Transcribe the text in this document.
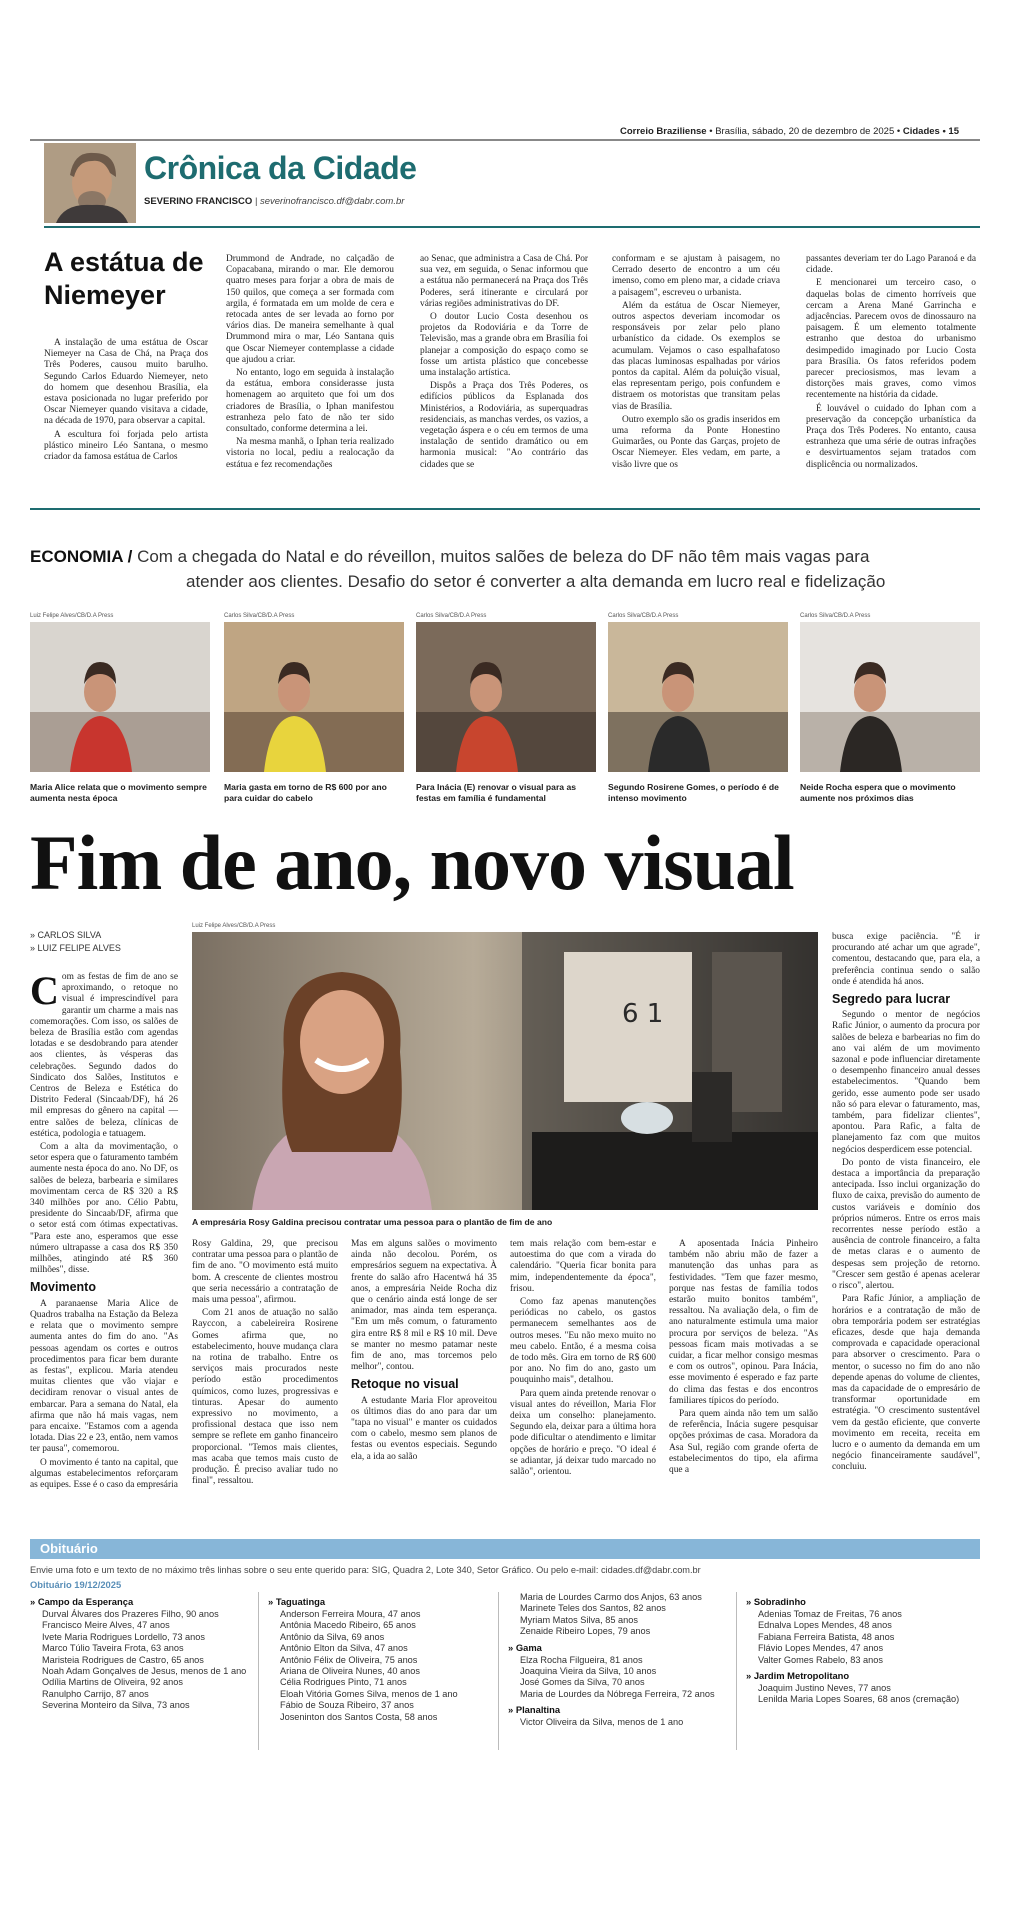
Correio Braziliense • Brasília, sábado, 20 de dezembro de 2025 • Cidades • 15
Crônica da Cidade
SEVERINO FRANCISCO | severinofrancisco.df@dabr.com.br
A estátua de
Niemeyer

A instalação de uma estátua de Oscar Niemeyer na Casa de Chá, na Praça dos Três Poderes, causou muito barulho. Segundo Carlos Eduardo Niemeyer, neto do homem que desenhou Brasília, ela estava posicionada no lugar preferido por Oscar Niemeyer quando visitava a cidade, na década de 1970, para observar a capital.

A escultura foi forjada pelo artista plástico mineiro Léo Santana, o mesmo criador da famosa estátua de Carlos

Drummond de Andrade, no calçadão de Copacabana, mirando o mar. Ele demorou quatro meses para forjar a obra de mais de 150 quilos, que começa a ser formada com argila, é formatada em um molde de cera e retocada antes de ser levada ao forno por vários dias. De maneira semelhante à qual Drummond mira o mar, Léo Santana quis que Oscar Niemeyer contemplasse a cidade que ajudou a criar.

No entanto, logo em seguida à instalação da estátua, embora considerasse justa homenagem ao arquiteto que foi um dos criadores de Brasília, o Iphan manifestou estranheza pelo fato de não ter sido consultado, conforme determina a lei.

Na mesma manhã, o Iphan teria realizado vistoria no local, pediu a realocação da estátua e fez recomendações

ao Senac, que administra a Casa de Chá. Por sua vez, em seguida, o Senac informou que a estátua não permanecerá na Praça dos Três Poderes, será itinerante e circulará por várias regiões administrativas do DF.

O doutor Lucio Costa desenhou os projetos da Rodoviária e da Torre de Televisão, mas a grande obra em Brasília foi planejar a composição do espaço como se fosse um artista plástico que concebesse uma instalação artística.

Dispôs a Praça dos Três Poderes, os edifícios públicos da Esplanada dos Ministérios, a Rodoviária, as superquadras residenciais, as manchas verdes, os vazios, a vegetação áspera e o céu em termos de uma instalação de sentido dramático ou em harmonia musical: "Ao contrário das cidades que se

conformam e se ajustam à paisagem, no Cerrado deserto de encontro a um céu imenso, como em pleno mar, a cidade criava a paisagem", escreveu o urbanista.

Além da estátua de Oscar Niemeyer, outros aspectos deveriam incomodar os responsáveis por zelar pelo plano urbanístico da cidade. Os exemplos se acumulam. Vejamos o caso espalhafatoso das placas luminosas espalhadas por vários pontos da capital. Além da poluição visual, elas representam perigo, pois confundem e distraem os motoristas que transitam pelas vias de Brasília.

Outro exemplo são os gradis inseridos em uma reforma da Ponte Honestino Guimarães, ou Ponte das Garças, projeto de Oscar Niemeyer. Eles vedam, em parte, a visão livre que os

passantes deveriam ter do Lago Paranoá e da cidade.

E mencionarei um terceiro caso, o daquelas bolas de cimento horríveis que cercam a Arena Mané Garrincha e adjacências. Parecem ovos de dinossauro na paisagem. É um elemento totalmente estranho que destoa do urbanismo desimpedido imaginado por Lucio Costa para Brasília. Os fatos referidos podem parecer preciosismos, mas levam a distorções mais graves, como vimos recentemente na história da cidade.

É louvável o cuidado do Iphan com a preservação da concepção urbanística da Praça dos Três Poderes. No entanto, causa estranheza que uma série de outras infrações e desvirtuamentos sejam tratados com displicência ou normalizados.

ECONOMIA / Com a chegada do Natal e do réveillon, muitos salões de beleza do DF não têm mais vagas para
atender aos clientes. Desafio do setor é converter a alta demanda em lucro real e fidelização
Luiz Felipe Alves/CB/D.A Press
Maria Alice relata que o movimento sempre aumenta nesta época
Carlos Silva/CB/D.A Press
Maria gasta em torno de R$ 600 por ano para cuidar do cabelo
Carlos Silva/CB/D.A Press
Para Inácia (E) renovar o visual para as festas em família é fundamental
Carlos Silva/CB/D.A Press
Segundo Rosirene Gomes, o período é de intenso movimento
Carlos Silva/CB/D.A Press
Neide Rocha espera que o movimento aumente nos próximos dias
Fim de ano, novo visual
» CARLOS SILVA
» LUIZ FELIPE ALVES
Luiz Felipe Alves/CB/D.A Press
6 1
A empresária Rosy Galdina precisou contratar uma pessoa para o plantão de fim de ano

Com as festas de fim de ano se aproximando, o retoque no visual é imprescindível para garantir um charme a mais nas comemorações. Com isso, os salões de beleza de Brasília estão com agendas lotadas e se desdobrando para atender aos clientes, às vésperas das celebrações. Segundo dados do Sindicato dos Salões, Institutos e Centros de Beleza e Estética do Distrito Federal (Sincaab/DF), há 26 mil empresas do gênero na capital — entre salões de beleza, clínicas de estética, podologia e tatuagem.

Com a alta da movimentação, o setor espera que o faturamento também aumente nesta época do ano. No DF, os salões de beleza, barbearia e similares movimentam cerca de R$ 320 a R$ 340 milhões por ano. Célio Pabtu, presidente do Sincaab/DF, afirma que o setor está com ótimas expectativas. "Para este ano, esperamos que esse número ultrapasse a casa dos R$ 350 milhões, atingindo até R$ 360 milhões", disse.

Movimento

A paranaense Maria Alice de Quadros trabalha na Estação da Beleza e relata que o movimento sempre aumenta antes do fim do ano. "As pessoas agendam os cortes e outros procedimentos para ficar bem durante as festas", explicou. Maria atendeu muitas clientes que vão viajar e decidiram renovar o visual antes de embarcar. Para a semana do Natal, ela afirma que não há mais vagas, nem para encaixe. "Estamos com a agenda lotada. Dias 22 e 23, então, nem vamos ter pausa", comemorou.

O movimento é tanto na capital, que algumas estabelecimentos reforçaram as equipes. Esse é o caso da empresária

Rosy Galdina, 29, que precisou contratar uma pessoa para o plantão de fim de ano. "O movimento está muito bom. A crescente de clientes mostrou que seria necessário a contratação de mais uma pessoa", afirmou.

Com 21 anos de atuação no salão Rayccon, a cabeleireira Rosirene Gomes afirma que, no estabelecimento, houve mudança clara na rotina de trabalho. Entre os serviços mais procurados neste período estão procedimentos químicos, como luzes, progressivas e tinturas. Apesar do aumento expressivo no movimento, a profissional destaca que isso nem sempre se reflete em ganho financeiro proporcional. "Temos mais clientes, mas acaba que temos mais custo de produção. É preciso avaliar tudo no final", ressaltou.

Mas em alguns salões o movimento ainda não decolou. Porém, os empresários seguem na expectativa. À frente do salão afro Hacentwá há 35 anos, a empresária Neide Rocha diz que o cenário ainda está longe de ser animador, mas ainda tem esperança. "Em um mês comum, o faturamento gira entre R$ 8 mil e R$ 10 mil. Deve se manter no mesmo patamar neste fim de ano, mas torcemos pelo melhor", contou.

Retoque no visual

A estudante Maria Flor aproveitou os últimos dias do ano para dar um "tapa no visual" e manter os cuidados com o cabelo, mesmo sem planos de festas ou eventos especiais. Segundo ela, a ida ao salão

tem mais relação com bem-estar e autoestima do que com a virada do calendário. "Queria ficar bonita para mim, independentemente da época", frisou.

Como faz apenas manutenções periódicas no cabelo, os gastos permanecem semelhantes aos de outros meses. "Eu não mexo muito no meu cabelo. Então, é a mesma coisa de todo mês. Gira em torno de R$ 600 por ano. No fim do ano, gasto um pouquinho mais", detalhou.

Para quem ainda pretende renovar o visual antes do réveillon, Maria Flor deixa um conselho: planejamento. Segundo ela, deixar para a última hora pode dificultar o atendimento e limitar opções de horário e preço. "O ideal é se adiantar, já deixar tudo marcado no salão", orientou.

A aposentada Inácia Pinheiro também não abriu mão de fazer a manutenção das unhas para as festividades. "Tem que fazer mesmo, porque nas festas de família todos estarão muito bonitos também", ressaltou. Na avaliação dela, o fim de ano naturalmente estimula uma maior procura por serviços de beleza. "As pessoas ficam mais motivadas a se cuidar, a ficar melhor consigo mesmas e com os outros", opinou. Para Inácia, esse movimento é esperado e faz parte do clima das festas e dos encontros familiares típicos do período.

Para quem ainda não tem um salão de referência, Inácia sugere pesquisar opções próximas de casa. Moradora da Asa Sul, região com grande oferta de estabelecimentos do tipo, ela afirma que a

busca exige paciência. "É ir procurando até achar um que agrade", comentou, destacando que, para ela, a preferência continua sendo o salão onde é atendida há anos.

Segredo para lucrar

Segundo o mentor de negócios Rafic Júnior, o aumento da procura por salões de beleza e barbearias no fim do ano vai além de um movimento sazonal e pode influenciar diretamente o desempenho financeiro anual desses estabelecimentos. "Quando bem gerido, esse aumento pode ser usado não só para elevar o faturamento, mas, também, para fidelizar clientes", apontou. Para Rafic, a falta de planejamento faz com que muitos negócios desperdicem esse potencial.

Do ponto de vista financeiro, ele destaca a importância da preparação antecipada. Isso inclui organização do fluxo de caixa, previsão do aumento de custos variáveis e domínio dos próprios números. Entre os erros mais recorrentes nesse período estão a ausência de controle financeiro, a falta de metas claras e o aumento de despesas sem projeção de retorno. "Crescer sem gestão é apenas acelerar o risco", alertou.

Para Rafic Júnior, a ampliação de horários e a contratação de mão de obra temporária podem ser estratégias eficazes, desde que haja demanda comprovada e capacidade operacional para absorver o crescimento. Para o mentor, o sucesso no fim do ano não depende apenas do volume de clientes, mas da capacidade de o empresário de transformar oportunidade em estratégia. "O crescimento sustentável vem da gestão eficiente, que converte movimento em receita, receita em lucro e o aumento da demanda em um negócio financeiramente saudável", concluiu.

Obituário
Envie uma foto e um texto de no máximo três linhas sobre o seu ente querido para: SIG, Quadra 2, Lote 340, Setor Gráfico. Ou pelo e-mail: cidades.df@dabr.com.br
Obituário 19/12/2025
» Campo da Esperança
Durval Álvares dos Prazeres Filho, 90 anos
Francisco Meire Alves, 47 anos
Ivete Maria Rodrigues Lordello, 73 anos
Marco Túlio Taveira Frota, 63 anos
Maristeia Rodrigues de Castro, 65 anos
Noah Adam Gonçalves de Jesus, menos de 1 ano
Odília Martins de Oliveira, 92 anos
Ranulpho Carrijo, 87 anos
Severina Monteiro da Silva, 73 anos
» Taguatinga
Anderson Ferreira Moura, 47 anos
Antônia Macedo Ribeiro, 65 anos
Antônio da Silva, 69 anos
Antônio Elton da Silva, 47 anos
Antônio Félix de Oliveira, 75 anos
Ariana de Oliveira Nunes, 40 anos
Célia Rodrigues Pinto, 71 anos
Eloah Vitória Gomes Silva, menos de 1 ano
Fábio de Souza Ribeiro, 37 anos
Joseninton dos Santos Costa, 58 anos
Maria de Lourdes Carmo dos Anjos, 63 anos
Marinete Teles dos Santos, 82 anos
Myriam Matos Silva, 85 anos
Zenaide Ribeiro Lopes, 79 anos
» Gama
Elza Rocha Filgueira, 81 anos
Joaquina Vieira da Silva, 10 anos
José Gomes da Silva, 70 anos
Maria de Lourdes da Nóbrega Ferreira, 72 anos
» Planaltina
Victor Oliveira da Silva, menos de 1 ano
» Sobradinho
Adenias Tomaz de Freitas, 76 anos
Ednalva Lopes Mendes, 48 anos
Fabiana Ferreira Batista, 48 anos
Flávio Lopes Mendes, 47 anos
Valter Gomes Rabelo, 83 anos
» Jardim Metropolitano
Joaquim Justino Neves, 77 anos
Lenilda Maria Lopes Soares, 68 anos (cremação)
